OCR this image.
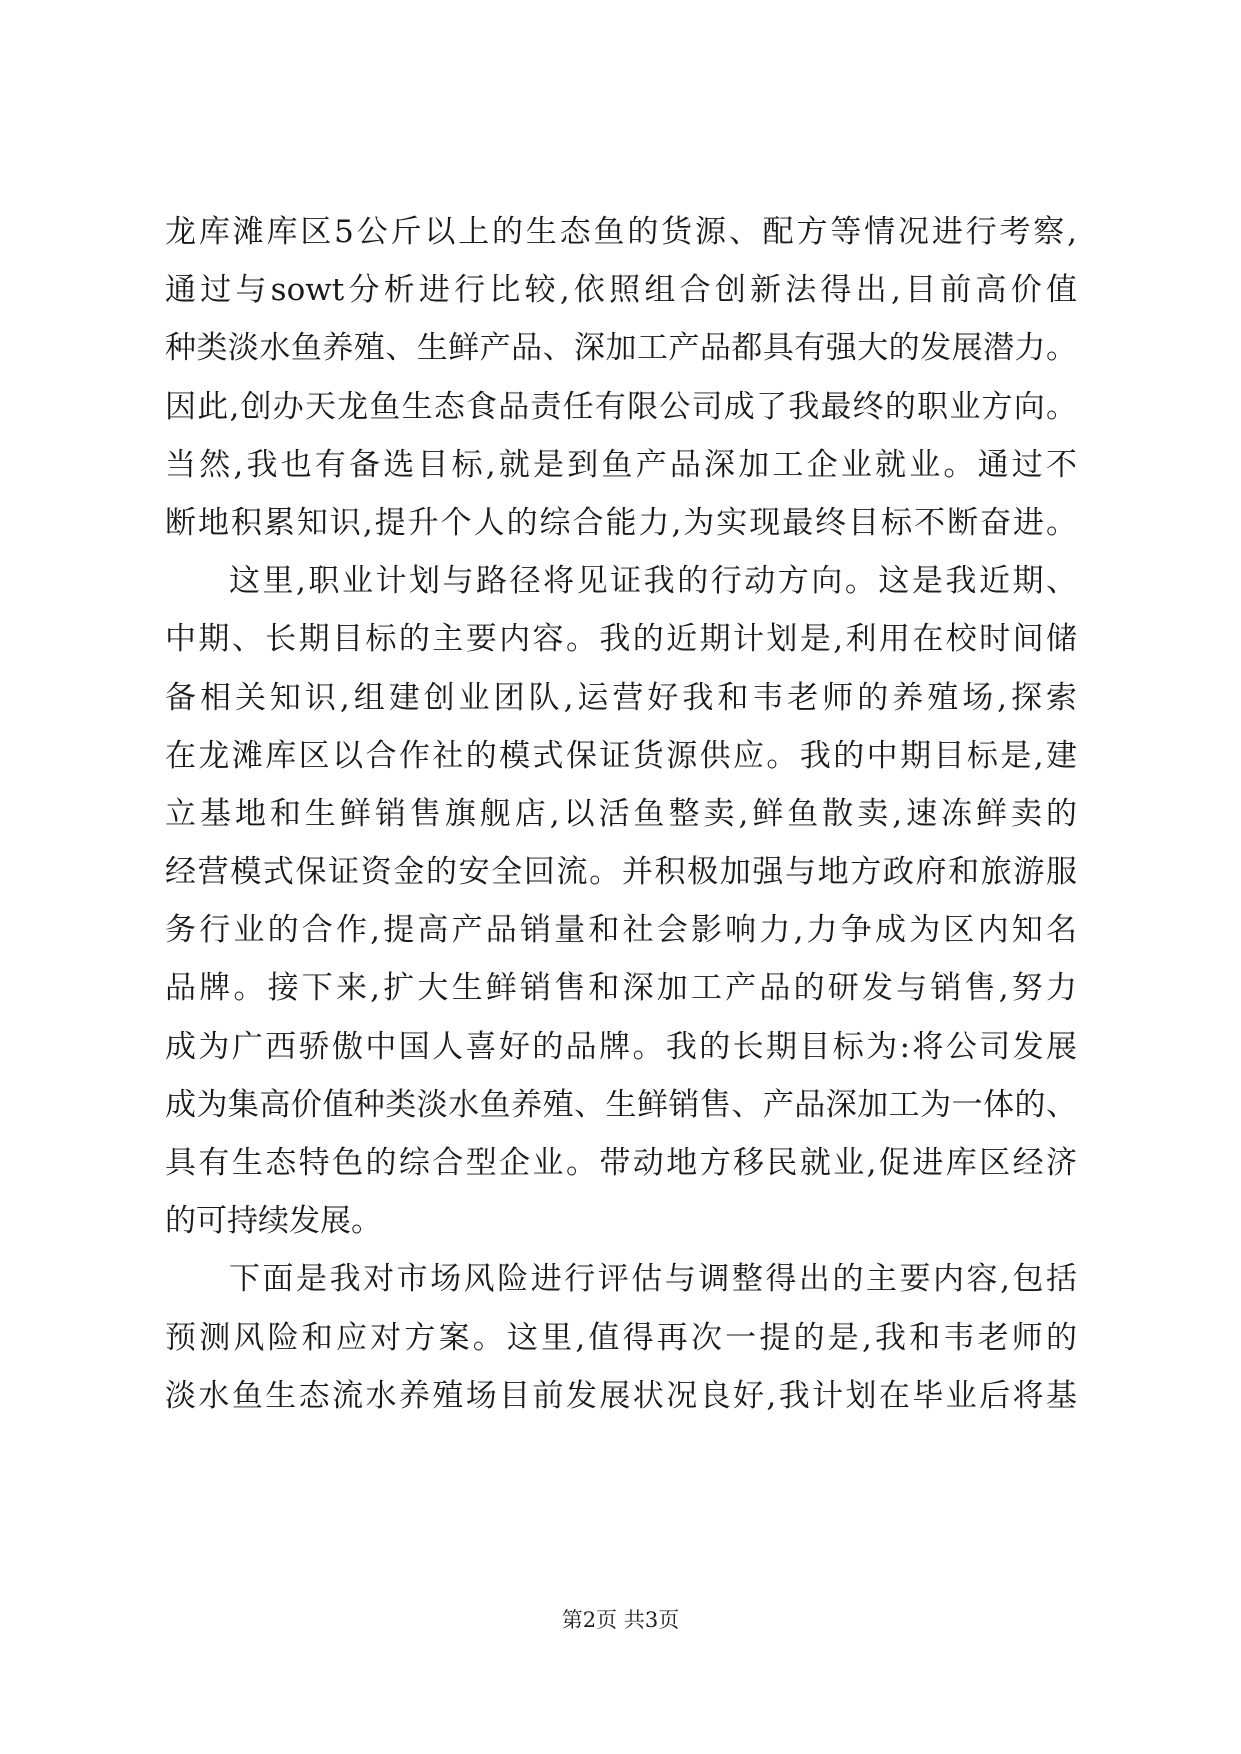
龙库滩库区5公斤以上的生态鱼的货源、配方等情况进行考察,
通过与sowt分析进行比较,依照组合创新法得出,目前高价值
种类淡水鱼养殖、生鲜产品、深加工产品都具有强大的发展潜力。
因此,创办天龙鱼生态食品责任有限公司成了我最终的职业方向。
当然,我也有备选目标,就是到鱼产品深加工企业就业。通过不
断地积累知识,提升个人的综合能力,为实现最终目标不断奋进。
这里,职业计划与路径将见证我的行动方向。这是我近期、
中期、长期目标的主要内容。我的近期计划是,利用在校时间储
备相关知识,组建创业团队,运营好我和韦老师的养殖场,探索
在龙滩库区以合作社的模式保证货源供应。我的中期目标是,建
立基地和生鲜销售旗舰店,以活鱼整卖,鲜鱼散卖,速冻鲜卖的
经营模式保证资金的安全回流。并积极加强与地方政府和旅游服
务行业的合作,提高产品销量和社会影响力,力争成为区内知名
品牌。接下来,扩大生鲜销售和深加工产品的研发与销售,努力
成为广西骄傲中国人喜好的品牌。我的长期目标为:将公司发展
成为集高价值种类淡水鱼养殖、生鲜销售、产品深加工为一体的、
具有生态特色的综合型企业。带动地方移民就业,促进库区经济
的可持续发展。
下面是我对市场风险进行评估与调整得出的主要内容,包括
预测风险和应对方案。这里,值得再次一提的是,我和韦老师的
淡水鱼生态流水养殖场目前发展状况良好,我计划在毕业后将基
第2页 共3页
